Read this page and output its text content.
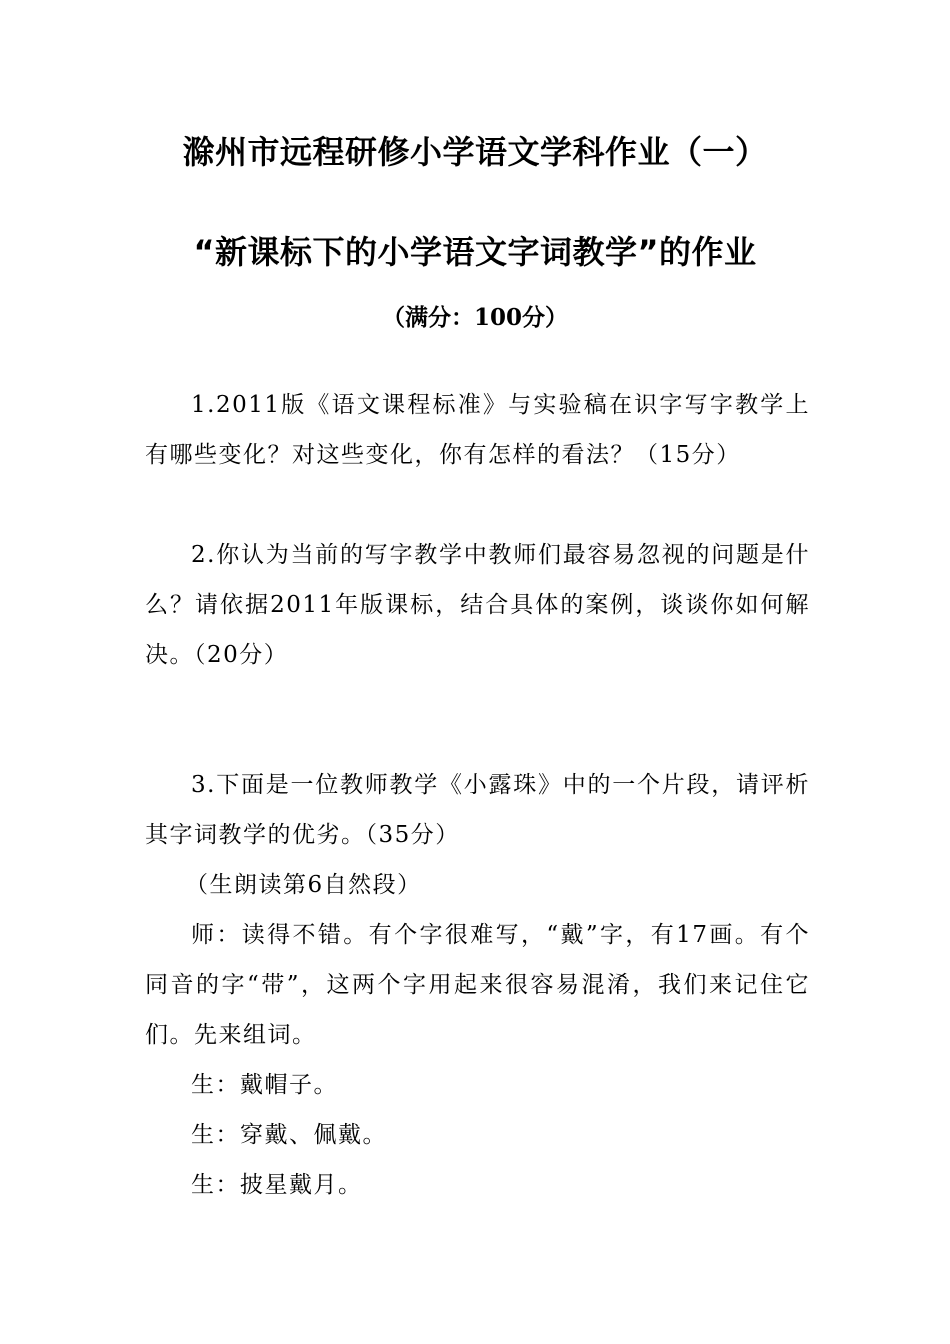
滁州市远程研修小学语文学科作业（一）
“新课标下的小学语文字词教学”的作业
（满分：100分）

1.2011版《语文课程标准》与实验稿在识字写字教学上有哪些变化？对这些变化，你有怎样的看法？（15分）

2.你认为当前的写字教学中教师们最容易忽视的问题是什么？请依据2011年版课标，结合具体的案例，谈谈你如何解决。（20分）

3.下面是一位教师教学《小露珠》中的一个片段，请评析其字词教学的优劣。（35分）

（生朗读第6自然段）

师：读得不错。有个字很难写，“戴”字，有17画。有个同音的字“带”，这两个字用起来很容易混淆，我们来记住它们。先来组词。

生：戴帽子。

生：穿戴、佩戴。

生：披星戴月。
